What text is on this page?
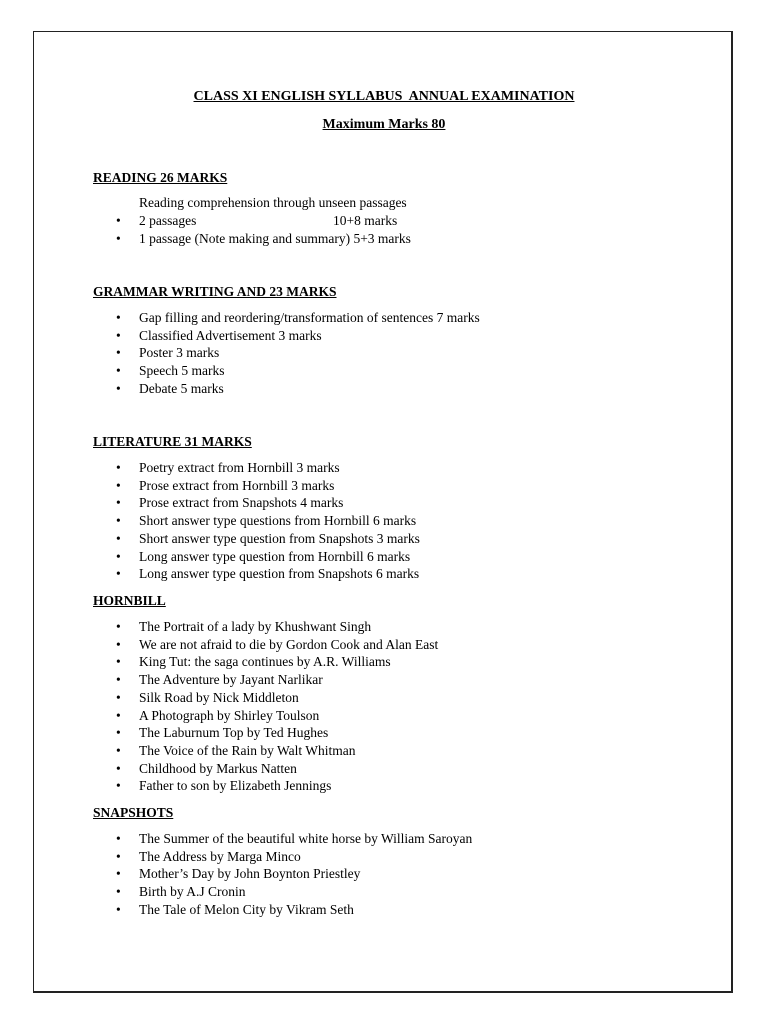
CLASS XI ENGLISH SYLLABUS  ANNUAL EXAMINATION
Maximum Marks 80
READING 26 MARKS
Reading comprehension through unseen passages
• 2 passages	10+8 marks
• 1 passage (Note making and summary) 5+3 marks
GRAMMAR WRITING AND 23 MARKS
• Gap filling and reordering/transformation of sentences 7 marks
• Classified Advertisement 3 marks
• Poster 3 marks
• Speech 5 marks
• Debate 5 marks
LITERATURE 31 MARKS
• Poetry extract from Hornbill 3 marks
• Prose extract from Hornbill 3 marks
• Prose extract from Snapshots 4 marks
• Short answer type questions from Hornbill 6 marks
• Short answer type question from Snapshots 3 marks
• Long answer type question from Hornbill 6 marks
• Long answer type question from Snapshots 6 marks
HORNBILL
• The Portrait of a lady by Khushwant Singh
• We are not afraid to die by Gordon Cook and Alan East
• King Tut: the saga continues by A.R. Williams
• The Adventure by Jayant Narlikar
• Silk Road by Nick Middleton
• A Photograph by Shirley Toulson
• The Laburnum Top by Ted Hughes
• The Voice of the Rain by Walt Whitman
• Childhood by Markus Natten
• Father to son by Elizabeth Jennings
SNAPSHOTS
• The Summer of the beautiful white horse by William Saroyan
• The Address by Marga Minco
• Mother’s Day by John Boynton Priestley
• Birth by A.J Cronin
• The Tale of Melon City by Vikram Seth
